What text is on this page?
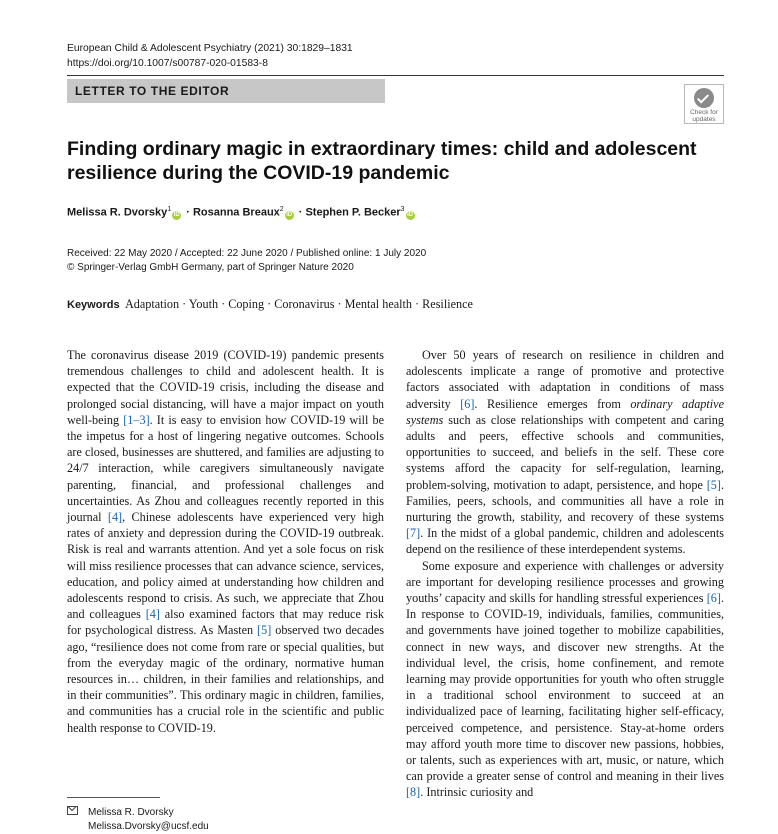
European Child & Adolescent Psychiatry (2021) 30:1829–1831
https://doi.org/10.1007/s00787-020-01583-8
LETTER TO THE EDITOR
Check for
updates
Finding ordinary magic in extraordinary times: child and adolescent resilience during the COVID-19 pandemic
Melissa R. Dvorsky$^1$iD · Rosanna Breaux$^2$iD · Stephen P. Becker$^3$iD
Received: 22 May 2020 / Accepted: 22 June 2020 / Published online: 1 July 2020
© Springer-Verlag GmbH Germany, part of Springer Nature 2020
Keywords Adaptation · Youth · Coping · Coronavirus · Mental health · Resilience

The coronavirus disease 2019 (COVID-19) pandemic presents tremendous challenges to child and adolescent health. It is expected that the COVID-19 crisis, including the disease and prolonged social distancing, will have a major impact on youth well-being [1–3]. It is easy to envision how COVID-19 will be the impetus for a host of lingering negative outcomes. Schools are closed, businesses are shuttered, and families are adjusting to 24/7 interaction, while caregivers simultaneously navigate parenting, financial, and professional challenges and uncertainties. As Zhou and colleagues recently reported in this journal [4], Chinese adolescents have experienced very high rates of anxiety and depression during the COVID-19 outbreak. Risk is real and warrants attention. And yet a sole focus on risk will miss resilience processes that can advance science, services, education, and policy aimed at understanding how children and adolescents respond to crisis. As such, we appreciate that Zhou and colleagues [4] also examined factors that may reduce risk for psychological distress. As Masten [5] observed two decades ago, “resilience does not come from rare or special qualities, but from the everyday magic of the ordinary, normative human resources in… children, in their families and relationships, and in their communities”. This ordinary magic in children, families, and communities has a crucial role in the scientific and public health response to COVID-19.

Over 50 years of research on resilience in children and adolescents implicate a range of promotive and protective factors associated with adaptation in conditions of mass adversity [6]. Resilience emerges from ordinary adaptive systems such as close relationships with competent and caring adults and peers, effective schools and communities, opportunities to succeed, and beliefs in the self. These core systems afford the capacity for self-regulation, learning, problem-solving, motivation to adapt, persistence, and hope [5]. Families, peers, schools, and communities all have a role in nurturing the growth, stability, and recovery of these systems [7]. In the midst of a global pandemic, children and adolescents depend on the resilience of these interdependent systems.

Some exposure and experience with challenges or adversity are important for developing resilience processes and growing youths’ capacity and skills for handling stressful experiences [6]. In response to COVID-19, individuals, families, communities, and governments have joined together to mobilize capabilities, connect in new ways, and discover new strengths. At the individual level, the crisis, home confinement, and remote learning may provide opportunities for youth who often struggle in a traditional school environment to succeed at an individualized pace of learning, facilitating higher self-efficacy, perceived competence, and persistence. Stay-at-home orders may afford youth more time to discover new passions, hobbies, or talents, such as experiences with art, music, or nature, which can provide a greater sense of control and meaning in their lives [8]. Intrinsic curiosity and

Melissa R. Dvorsky
Melissa.Dvorsky@ucsf.edu
